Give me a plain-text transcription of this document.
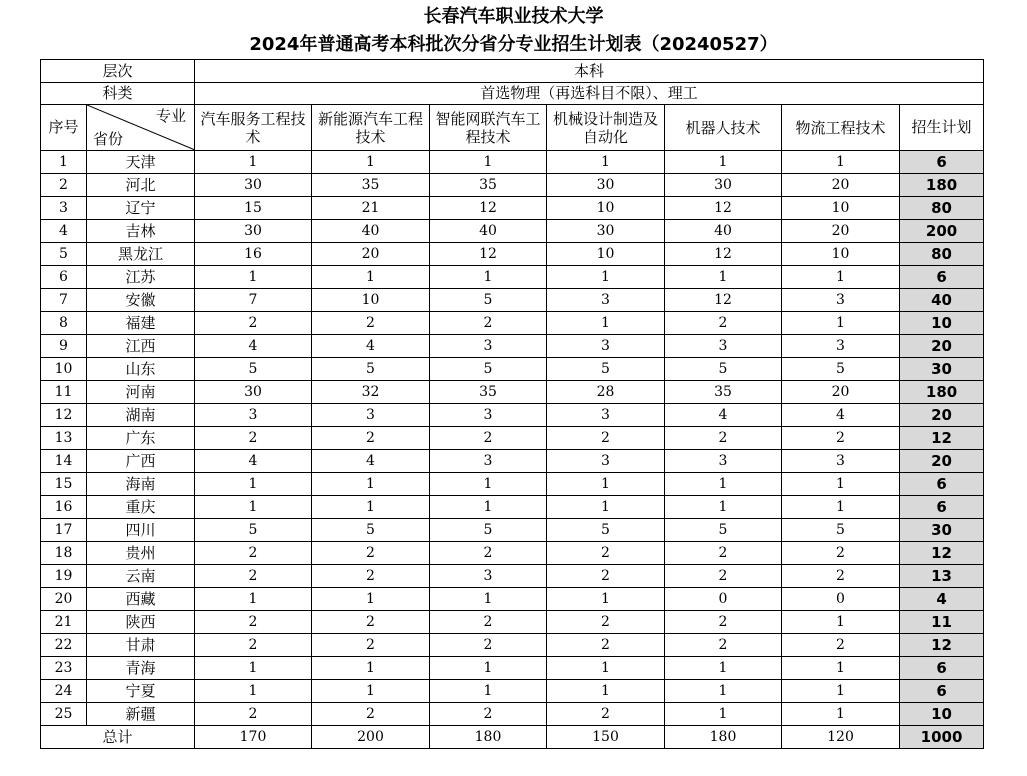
长春汽车职业技术大学
2024年普通高考本科批次分省分专业招生计划表（20240527）
层次		本科						
科类		首选物理（再选科目不限）、理工						
序号	专业
省份	汽车服务工程技术	新能源汽车工程技术	智能网联汽车工程技术	机械设计制造及自动化	机器人技术	物流工程技术	招生计划
1	天津	1	1	1	1	1	1	6
2	河北	30	35	35	30	30	20	180
3	辽宁	15	21	12	10	12	10	80
4	吉林	30	40	40	30	40	20	200
5	黑龙江	16	20	12	10	12	10	80
6	江苏	1	1	1	1	1	1	6
7	安徽	7	10	5	3	12	3	40
8	福建	2	2	2	1	2	1	10
9	江西	4	4	3	3	3	3	20
10	山东	5	5	5	5	5	5	30
11	河南	30	32	35	28	35	20	180
12	湖南	3	3	3	3	4	4	20
13	广东	2	2	2	2	2	2	12
14	广西	4	4	3	3	3	3	20
15	海南	1	1	1	1	1	1	6
16	重庆	1	1	1	1	1	1	6
17	四川	5	5	5	5	5	5	30
18	贵州	2	2	2	2	2	2	12
19	云南	2	2	3	2	2	2	13
20	西藏	1	1	1	1	0	0	4
21	陕西	2	2	2	2	2	1	11
22	甘肃	2	2	2	2	2	2	12
23	青海	1	1	1	1	1	1	6
24	宁夏	1	1	1	1	1	1	6
25	新疆	2	2	2	2	1	1	10
总计		170	200	180	150	180	120	1000
